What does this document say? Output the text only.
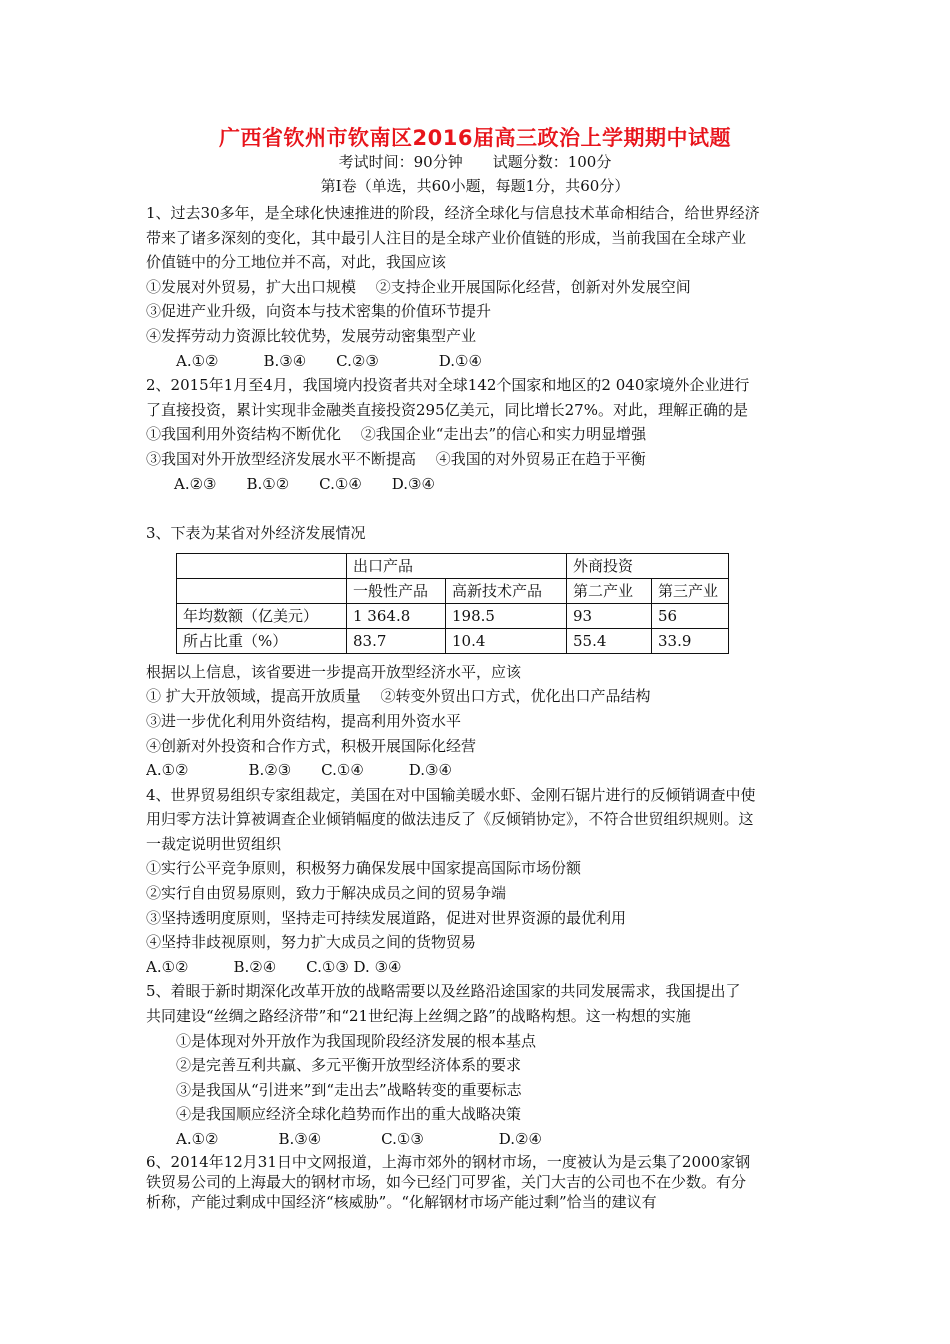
广西省钦州市钦南区2016届高三政治上学期期中试题
考试时间：90分钟　　试题分数：100分
第Ⅰ卷（单选，共60小题，每题1分，共60分）
1、过去30多年，是全球化快速推进的阶段，经济全球化与信息技术革命相结合，给世界经济
带来了诸多深刻的变化，其中最引人注目的是全球产业价值链的形成，当前我国在全球产业
价值链中的分工地位并不高，对此，我国应该
①发展对外贸易，扩大出口规模　 ②支持企业开展国际化经营，创新对外发展空间
③促进产业升级，向资本与技术密集的价值环节提升
④发挥劳动力资源比较优势，发展劳动密集型产业
A.①②　　　B.③④　　C.②③　　　　D.①④
2、2015年1月至4月，我国境内投资者共对全球142个国家和地区的2 040家境外企业进行
了直接投资，累计实现非金融类直接投资295亿美元，同比增长27%。对此，理解正确的是
①我国利用外资结构不断优化　 ②我国企业“走出去”的信心和实力明显增强
③我国对外开放型经济发展水平不断提高　 ④我国的对外贸易正在趋于平衡
A.②③　　B.①②　　C.①④　　D.③④
3、下表为某省对外经济发展情况
	出口产品		外商投资	
	一般性产品	高新技术产品	第二产业	第三产业
年均数额（亿美元）	1 364.8	198.5	93	56
所占比重（%）	83.7	10.4	55.4	33.9
根据以上信息，该省要进一步提高开放型经济水平，应该
① 扩大开放领域，提高开放质量　 ②转变外贸出口方式，优化出口产品结构
③进一步优化利用外资结构，提高利用外资水平
④创新对外投资和合作方式，积极开展国际化经营
A.①②　　　　B.②③　　C.①④　　　D.③④
4、世界贸易组织专家组裁定，美国在对中国输美暖水虾、金刚石锯片进行的反倾销调查中使
用归零方法计算被调查企业倾销幅度的做法违反了《反倾销协定》，不符合世贸组织规则。这
一裁定说明世贸组织
①实行公平竞争原则，积极努力确保发展中国家提高国际市场份额
②实行自由贸易原则，致力于解决成员之间的贸易争端
③坚持透明度原则，坚持走可持续发展道路，促进对世界资源的最优利用
④坚持非歧视原则，努力扩大成员之间的货物贸易
A.①②　　　B.②④　　C.①③ D. ③④
5、着眼于新时期深化改革开放的战略需要以及丝路沿途国家的共同发展需求，我国提出了
共同建设“丝绸之路经济带”和“21世纪海上丝绸之路”的战略构想。这一构想的实施
①是体现对外开放作为我国现阶段经济发展的根本基点
②是完善互利共赢、多元平衡开放型经济体系的要求
③是我国从“引进来”到“走出去”战略转变的重要标志
④是我国顺应经济全球化趋势而作出的重大战略决策
A.①②　　　　B.③④　　　　C.①③　　　　　D.②④
6、2014年12月31日中文网报道，上海市郊外的钢材市场，一度被认为是云集了2000家钢
铁贸易公司的上海最大的钢材市场，如今已经门可罗雀，关门大吉的公司也不在少数。有分
析称，产能过剩成中国经济“核威胁”。“化解钢材市场产能过剩”恰当的建议有
